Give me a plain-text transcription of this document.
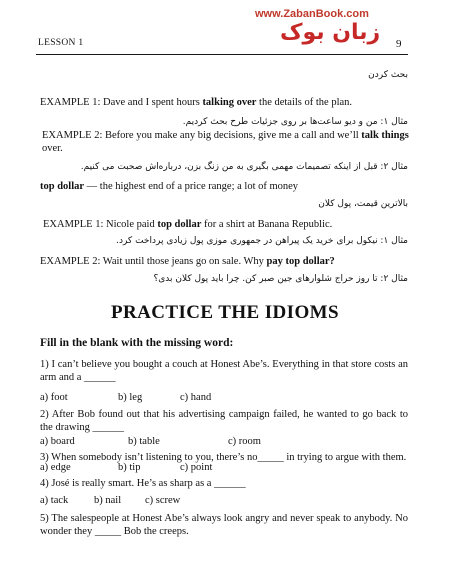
www.ZabanBook.com
زبان بوک
LESSON 1	9
بحث كردن
EXAMPLE 1: Dave and I spent hours talking over the details of the plan.
مثال ۱: من و دیو ساعت‌ها بر روی جزئیات طرح بحث كردیم.
EXAMPLE 2: Before you make any big decisions, give me a call and we’ll talk things over.
مثال ۲: قبل از اینكه تصمیمات مهمی بگیری به من زنگ بزن، درباره‌اش صحبت می كنیم.
top dollar — the highest end of a price range; a lot of money
بالاترین قیمت، پول كلان
EXAMPLE 1: Nicole paid top dollar for a shirt at Banana Republic.
مثال ۱: نیكول برای خرید یک پیراهن در جمهوری موزی پول زیادی پرداخت كرد.
EXAMPLE 2: Wait until those jeans go on sale. Why pay top dollar?
مثال ۲: تا روز حراج شلوارهای جین صبر كن. چرا باید پول كلان بدی؟
PRACTICE THE IDIOMS
Fill in the blank with the missing word:
1) I can’t believe you bought a couch at Honest Abe’s. Everything in that store costs an arm and a ______
a) foot	b) leg	c) hand
2) After Bob found out that his advertising campaign failed, he wanted to go back to the drawing ______
a) board	b) table	c) room
3) When somebody isn’t listening to you, there’s no_____ in trying to argue with them.
a) edge	b) tip	c) point
4) José is really smart. He’s as sharp as a ______
a) tack b) nail c) screw
5) The salespeople at Honest Abe’s always look angry and never speak to anybody. No wonder they _____ Bob the creeps.
